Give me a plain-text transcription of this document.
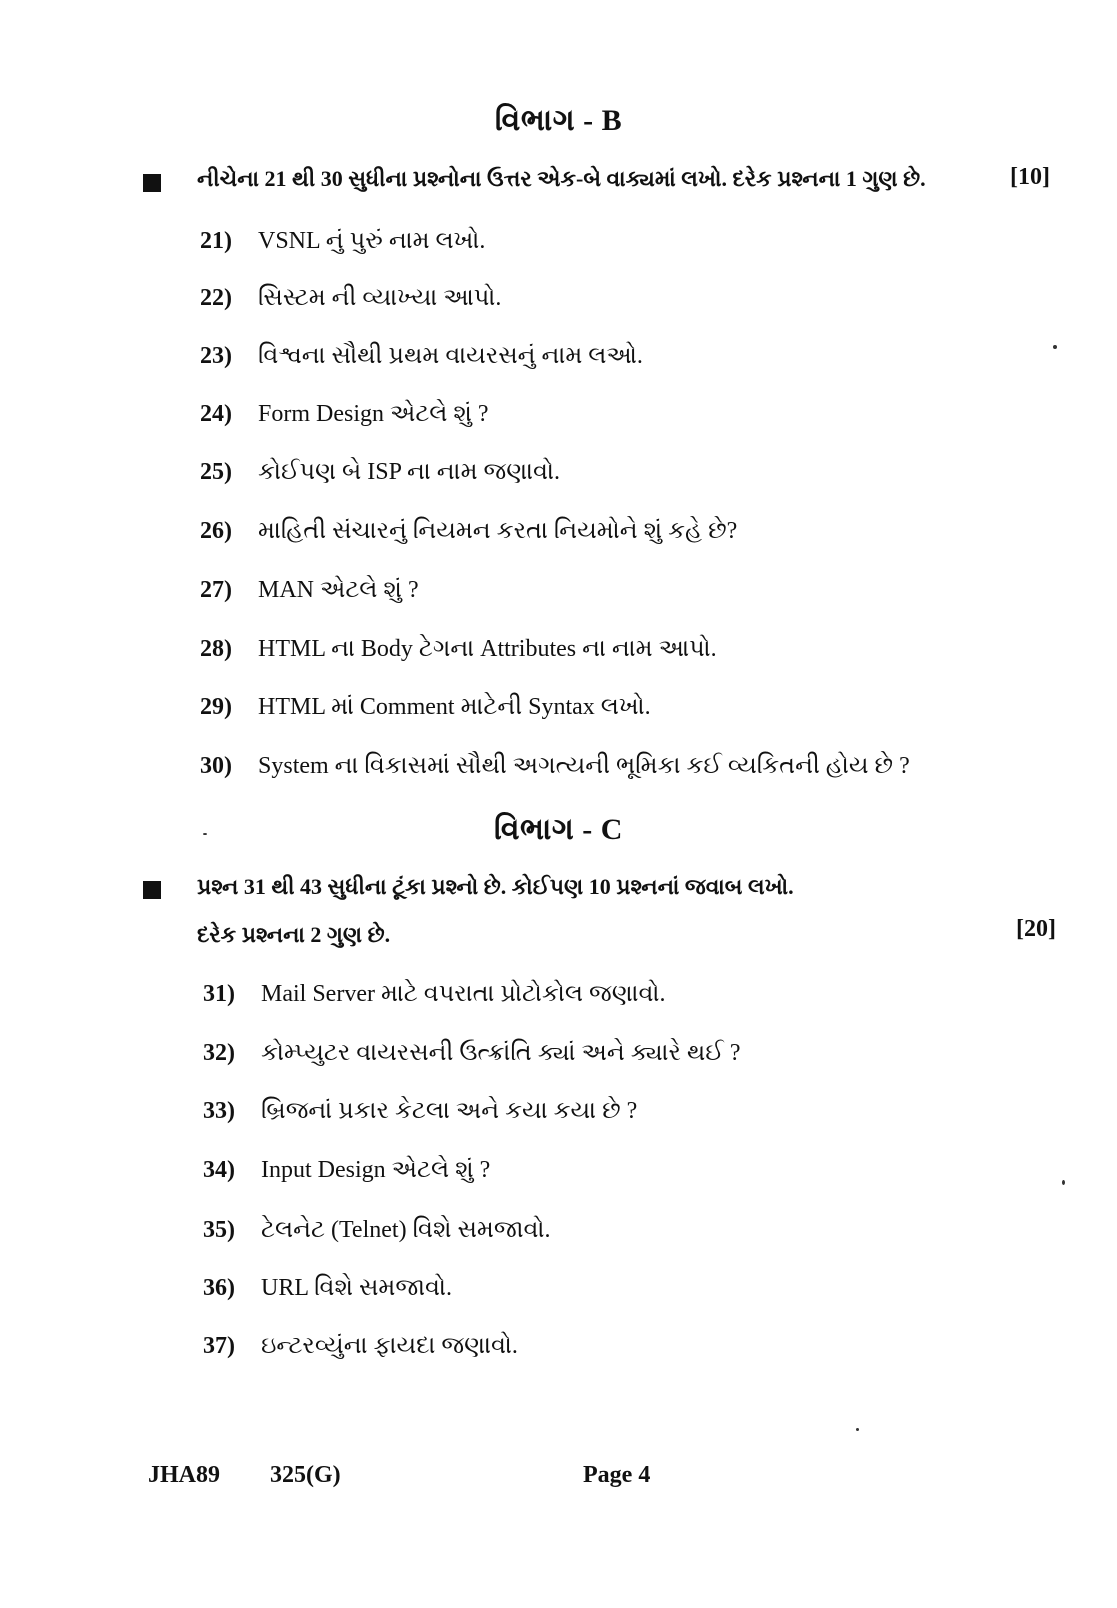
વિભાગ - B
નીચેના 21 થી 30 સુધીના પ્રશ્નોના ઉત્તર એક-બે વાક્યમાં લખો. દરેક પ્રશ્નના 1 ગુણ છે.	[10]
21)	VSNL નું પુરું નામ લખો.
22)	સિસ્ટમ ની વ્યાખ્યા આપો.
23)	વિશ્વના સૌથી પ્રથમ વાયરસનું નામ લઓ.
24)	Form Design એટલે શું ?
25)	કોઈપણ બે ISP ના નામ જણાવો.
26)	માહિતી સંચારનું નિયમન કરતા નિયમોને શું કહે છે?
27)	MAN એટલે શું ?
28)	HTML ના Body ટેગના Attributes ના નામ આપો.
29)	HTML માં Comment માટેની Syntax લખો.
30)	System ના વિકાસમાં સૌથી અગત્યની ભૂમિકા કઈ વ્યકિતની હોય છે ?
વિભાગ - C
પ્રશ્ન 31 થી 43 સુધીના ટૂંકા પ્રશ્નો છે. કોઈપણ 10 પ્રશ્નનાં જવાબ લખો.
દરેક પ્રશ્નના 2 ગુણ છે.	[20]
31)	Mail Server માટે વપરાતા પ્રોટોકોલ જણાવો.
32)	કોમ્પ્યુટર વાયરસની ઉત્ક્રાંતિ ક્યાં અને ક્યારે થઈ ?
33)	બ્રિજનાં પ્રકાર કેટલા અને કયા કયા છે ?
34)	Input Design એટલે શું ?
35)	ટેલનેટ (Telnet) વિશે સમજાવો.
36)	URL વિશે સમજાવો.
37)	ઇન્ટરવ્યુંના ફાયદા જણાવો.
JHA89 325(G)	Page 4
